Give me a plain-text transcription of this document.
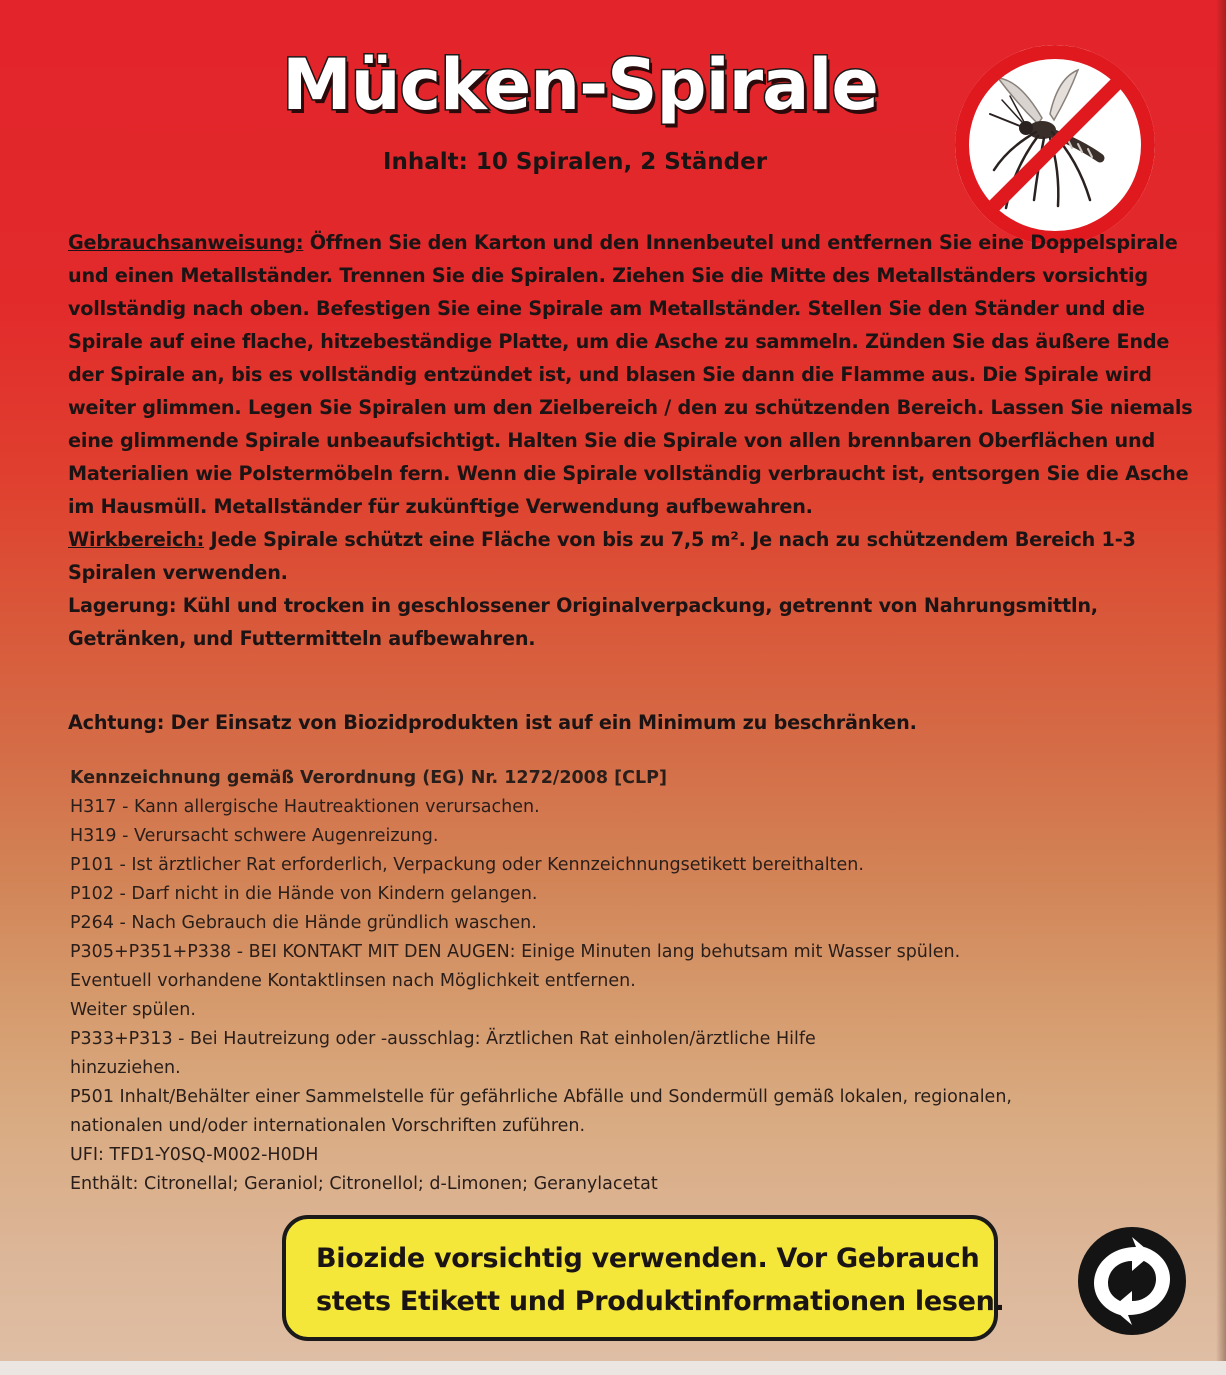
Mücken-Spirale

Inhalt: 10 Spiralen, 2 Ständer

Gebrauchsanweisung: Öffnen Sie den Karton und den Innenbeutel und entfernen Sie eine Doppelspirale und einen Metallständer. Trennen Sie die Spiralen. Ziehen Sie die Mitte des Metallständers vorsichtig vollständig nach oben. Befestigen Sie eine Spirale am Metallständer. Stellen Sie den Ständer und die Spirale auf eine flache, hitzebeständige Platte, um die Asche zu sammeln. Zünden Sie das äußere Ende der Spirale an, bis es vollständig entzündet ist, und blasen Sie dann die Flamme aus. Die Spirale wird weiter glimmen. Legen Sie Spiralen um den Zielbereich / den zu schützenden Bereich. Lassen Sie niemals eine glimmende Spirale unbeaufsichtigt. Halten Sie die Spirale von allen brennbaren Oberflächen und Materialien wie Polstermöbeln fern. Wenn die Spirale vollständig verbraucht ist, entsorgen Sie die Asche im Hausmüll. Metallständer für zukünftige Verwendung aufbewahren.

Wirkbereich: Jede Spirale schützt eine Fläche von bis zu 7,5 m². Je nach zu schützendem Bereich 1-3 Spiralen verwenden.

Lagerung: Kühl und trocken in geschlossener Originalverpackung, getrennt von Nahrungsmittln, Getränken, und Futtermitteln aufbewahren.

Achtung: Der Einsatz von Biozidprodukten ist auf ein Minimum zu beschränken.

Kennzeichnung gemäß Verordnung (EG) Nr. 1272/2008 [CLP]
H317 - Kann allergische Hautreaktionen verursachen.
H319 - Verursacht schwere Augenreizung.
P101 - Ist ärztlicher Rat erforderlich, Verpackung oder Kennzeichnungsetikett bereithalten.
P102 - Darf nicht in die Hände von Kindern gelangen.
P264 - Nach Gebrauch die Hände gründlich waschen.
P305+P351+P338 - BEI KONTAKT MIT DEN AUGEN: Einige Minuten lang behutsam mit Wasser spülen.
Eventuell vorhandene Kontaktlinsen nach Möglichkeit entfernen.
Weiter spülen.
P333+P313 - Bei Hautreizung oder -ausschlag: Ärztlichen Rat einholen/ärztliche Hilfe
hinzuziehen.
P501 Inhalt/Behälter einer Sammelstelle für gefährliche Abfälle und Sondermüll gemäß lokalen, regionalen,
nationalen und/oder internationalen Vorschriften zuführen.
UFI: TFD1-Y0SQ-M002-H0DH
Enthält: Citronellal; Geraniol; Citronellol; d-Limonen; Geranylacetat
Biozide vorsichtig verwenden. Vor Gebrauch
stets Etikett und Produktinformationen lesen.
